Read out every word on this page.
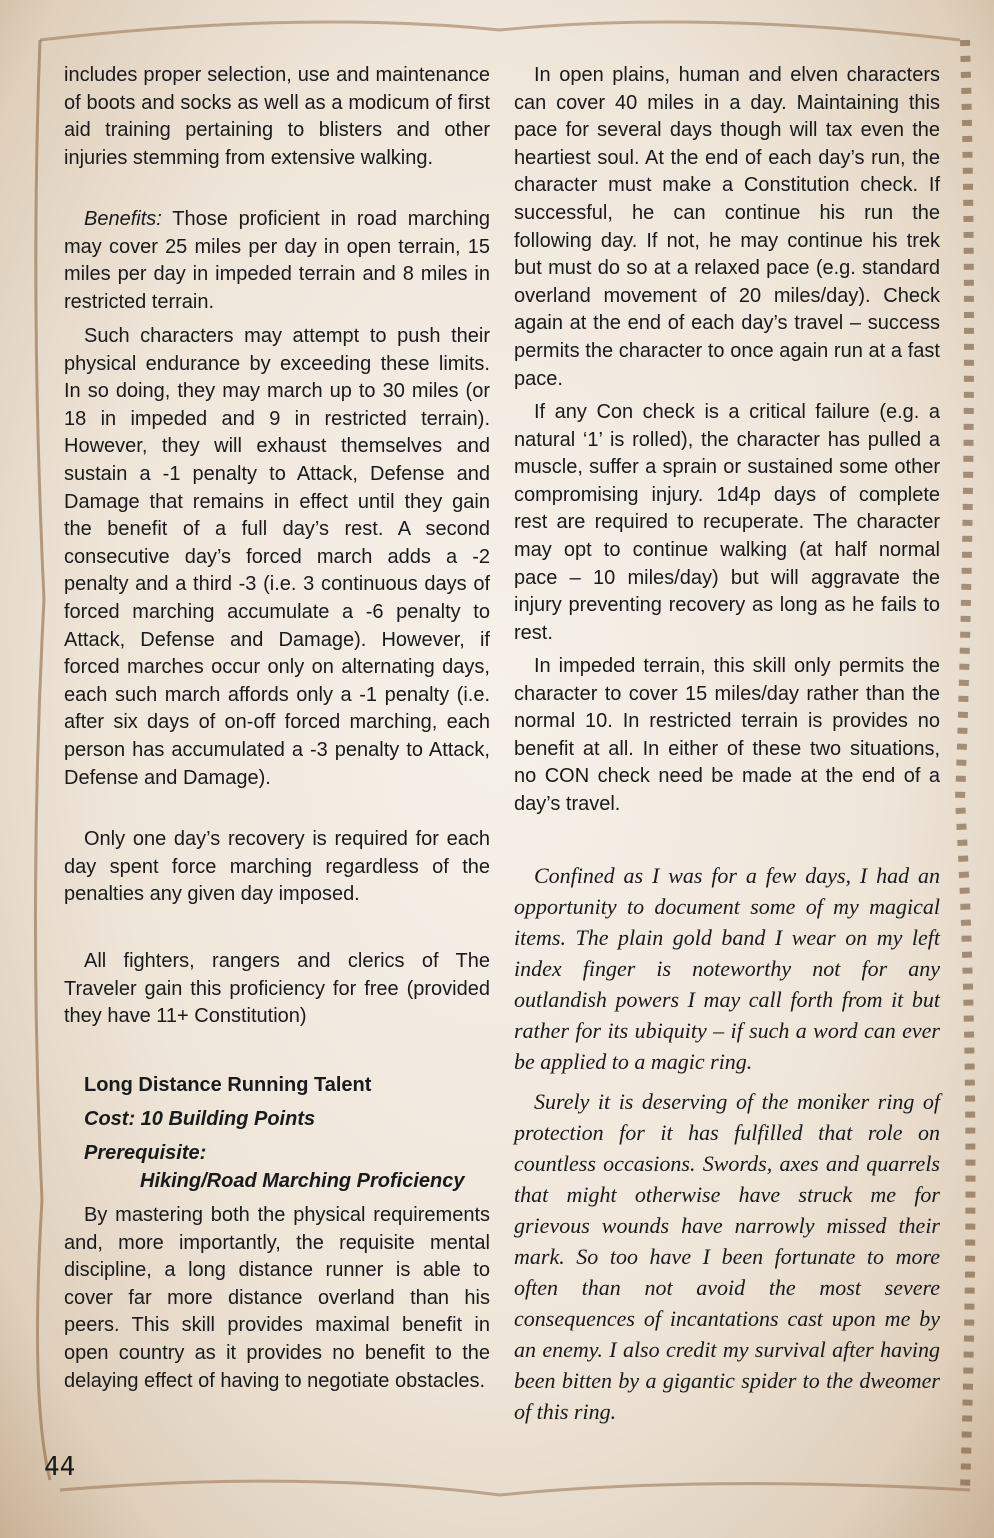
includes proper selection, use and maintenance of boots and socks as well as a modicum of first aid training pertaining to blisters and other injuries stemming from extensive walking.

Benefits: Those proficient in road marching may cover 25 miles per day in open terrain, 15 miles per day in impeded terrain and 8 miles in restricted terrain.

Such characters may attempt to push their physical endurance by exceeding these limits. In so doing, they may march up to 30 miles (or 18 in impeded and 9 in restricted terrain). However, they will exhaust themselves and sustain a -1 penalty to Attack, Defense and Damage that remains in effect until they gain the benefit of a full day’s rest. A second consecutive day’s forced march adds a -2 penalty and a third -3 (i.e. 3 continuous days of forced marching accumulate a -6 penalty to Attack, Defense and Damage). However, if forced marches occur only on alternating days, each such march affords only a -1 penalty (i.e. after six days of on-off forced marching, each person has accumulated a -3 penalty to Attack, Defense and Damage).

Only one day’s recovery is required for each day spent force marching regardless of the penalties any given day imposed.

All fighters, rangers and clerics of The Traveler gain this proficiency for free (provided they have 11+ Constitution)

Long Distance Running Talent
Cost: 10 Building Points
Prerequisite:
Hiking/Road Marching Proficiency

By mastering both the physical requirements and, more importantly, the requisite mental discipline, a long distance runner is able to cover far more distance overland than his peers. This skill provides maximal benefit in open country as it provides no benefit to the delaying effect of having to negotiate obstacles.

In open plains, human and elven characters can cover 40 miles in a day. Maintaining this pace for several days though will tax even the heartiest soul. At the end of each day’s run, the character must make a Constitution check. If successful, he can continue his run the following day. If not, he may continue his trek but must do so at a relaxed pace (e.g. standard overland movement of 20 miles/day). Check again at the end of each day’s travel – success permits the character to once again run at a fast pace.

If any Con check is a critical failure (e.g. a natural ‘1’ is rolled), the character has pulled a muscle, suffer a sprain or sustained some other compromising injury. 1d4p days of complete rest are required to recuperate. The character may opt to continue walking (at half normal pace – 10 miles/day) but will aggravate the injury preventing recovery as long as he fails to rest.

In impeded terrain, this skill only permits the character to cover 15 miles/day rather than the normal 10. In restricted terrain is provides no benefit at all. In either of these two situations, no CON check need be made at the end of a day’s travel.

Confined as I was for a few days, I had an opportunity to document some of my magical items. The plain gold band I wear on my left index finger is noteworthy not for any outlandish powers I may call forth from it but rather for its ubiquity – if such a word can ever be applied to a magic ring.

Surely it is deserving of the moniker ring of protection for it has fulfilled that role on countless occasions. Swords, axes and quarrels that might otherwise have struck me for grievous wounds have narrowly missed their mark. So too have I been fortunate to more often than not avoid the most severe consequences of incantations cast upon me by an enemy. I also credit my survival after having been bitten by a gigantic spider to the dweomer of this ring.

44
